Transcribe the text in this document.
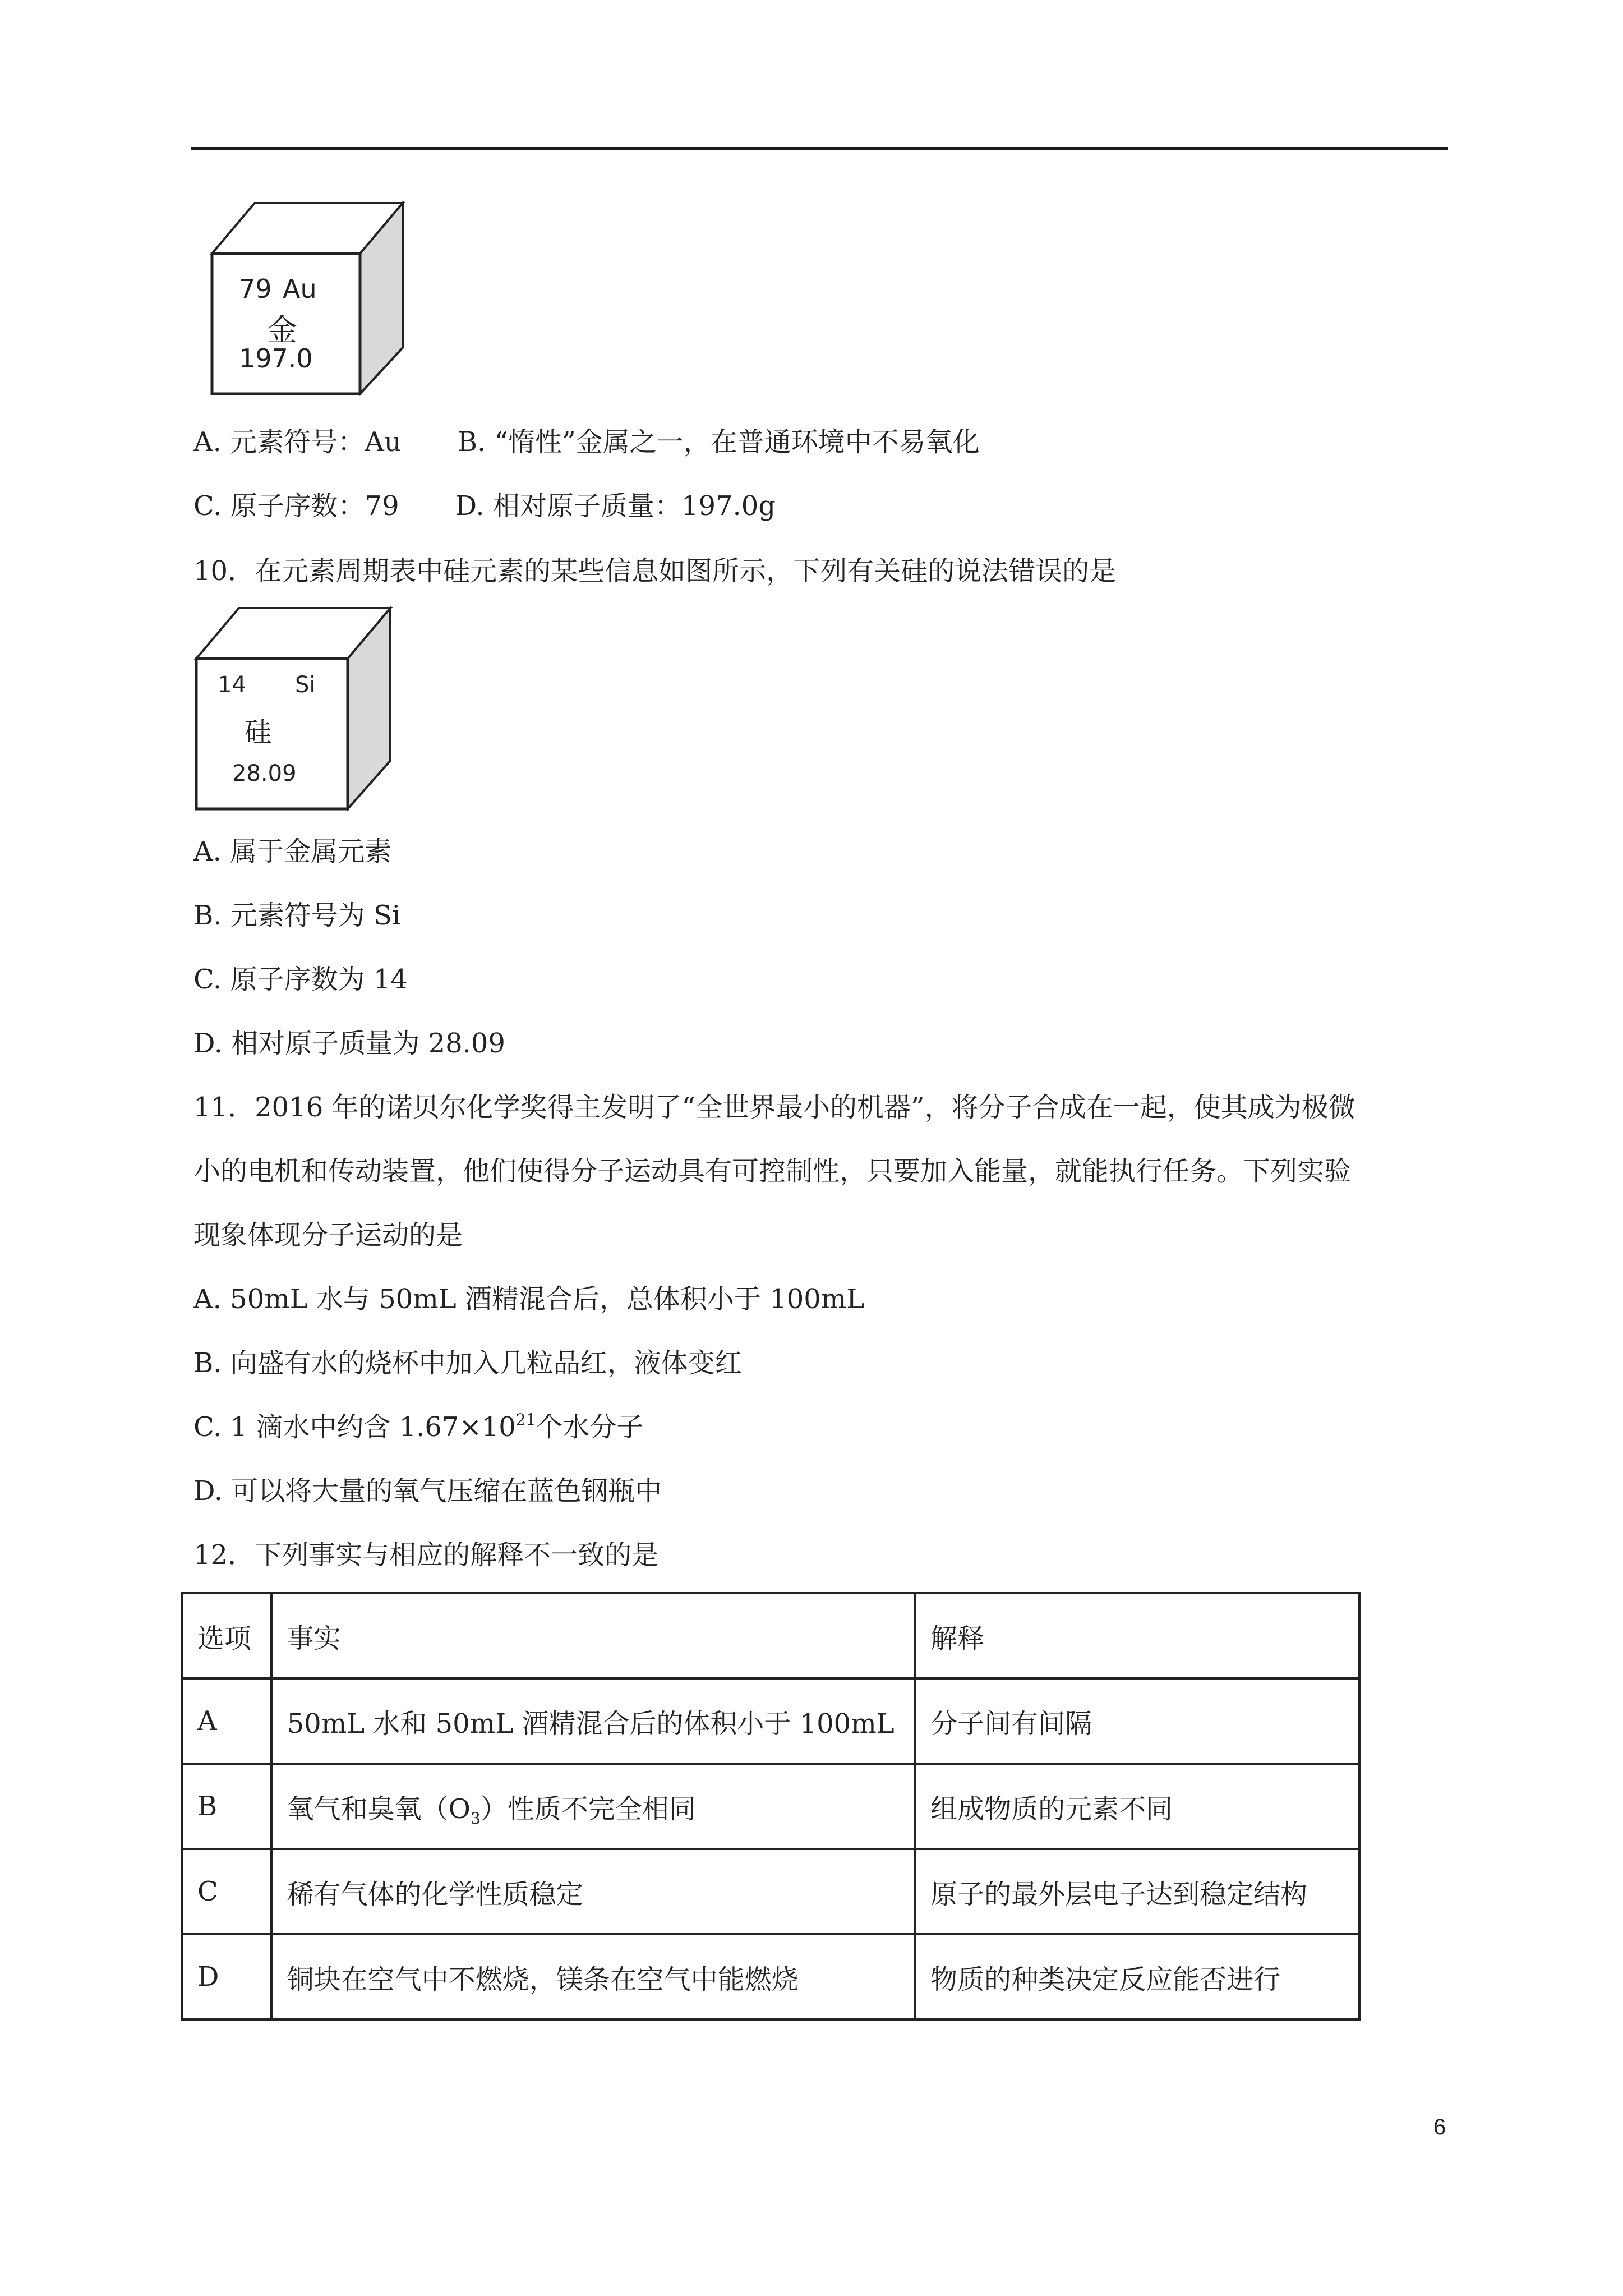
79 Au
金
197.0
A. 元素符号：Au B. “惰性”金属之一，在普通环境中不易氧化
C. 原子序数：79 D. 相对原子质量：197.0g
10．在元素周期表中硅元素的某些信息如图所示，下列有关硅的说法错误的是
14 Si
硅
28.09
A. 属于金属元素
B. 元素符号为 Si
C. 原子序数为 14
D. 相对原子质量为 28.09
11．2016 年的诺贝尔化学奖得主发明了“全世界最小的机器”，将分子合成在一起，使其成为极微
小的电机和传动装置，他们使得分子运动具有可控制性，只要加入能量，就能执行任务。下列实验
现象体现分子运动的是
A. 50mL 水与 50mL 酒精混合后，总体积小于 100mL
B. 向盛有水的烧杯中加入几粒品红，液体变红
C. 1 滴水中约含 $1.67\times 10^{21}$个水分子
D. 可以将大量的氧气压缩在蓝色钢瓶中
12．下列事实与相应的解释不一致的是
选项	事实	解释
A	50mL 水和 50mL 酒精混合后的体积小于 100mL	分子间有间隔
B	氧气和臭氧$(O_3)$性质不完全相同	组成物质的元素不同
C	稀有气体的化学性质稳定	原子的最外层电子达到稳定结构
D	铜块在空气中不燃烧，镁条在空气中能燃烧	物质的种类决定反应能否进行
6
